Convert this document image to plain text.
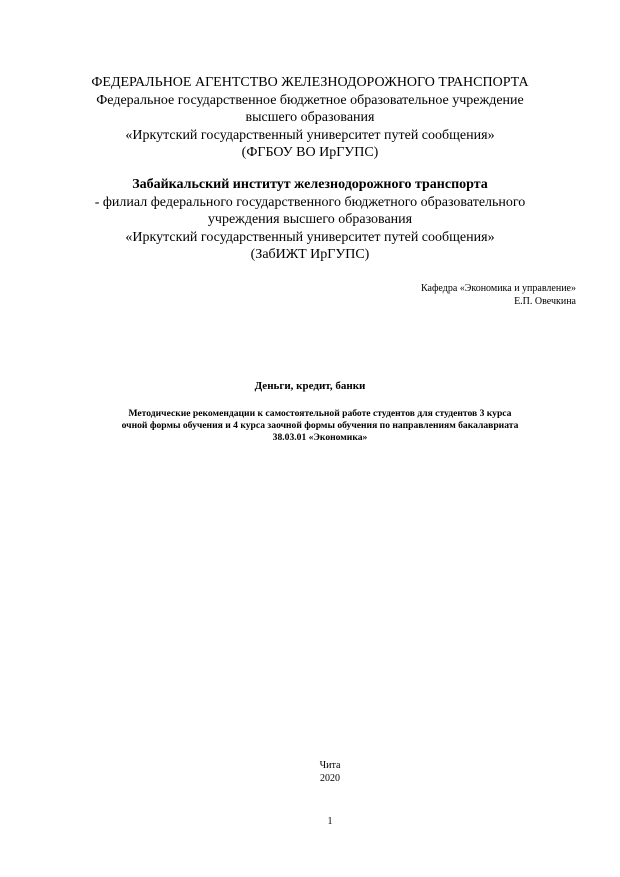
ФЕДЕРАЛЬНОЕ АГЕНТСТВО ЖЕЛЕЗНОДОРОЖНОГО ТРАНСПОРТА
Федеральное государственное бюджетное образовательное учреждение
высшего образования
«Иркутский государственный университет путей сообщения»
(ФГБОУ ВО ИрГУПС)
Забайкальский институт железнодорожного транспорта
- филиал федерального государственного бюджетного образовательного
учреждения высшего образования
«Иркутский государственный университет путей сообщения»
(ЗабИЖТ ИрГУПС)
Кафедра «Экономика и управление»
Е.П. Овечкина
Деньги, кредит, банки
Методические рекомендации к самостоятельной работе студентов для студентов 3 курса
очной формы обучения и 4 курса заочной формы обучения по направлениям бакалавриата
38.03.01 «Экономика»
Чита
2020
1
